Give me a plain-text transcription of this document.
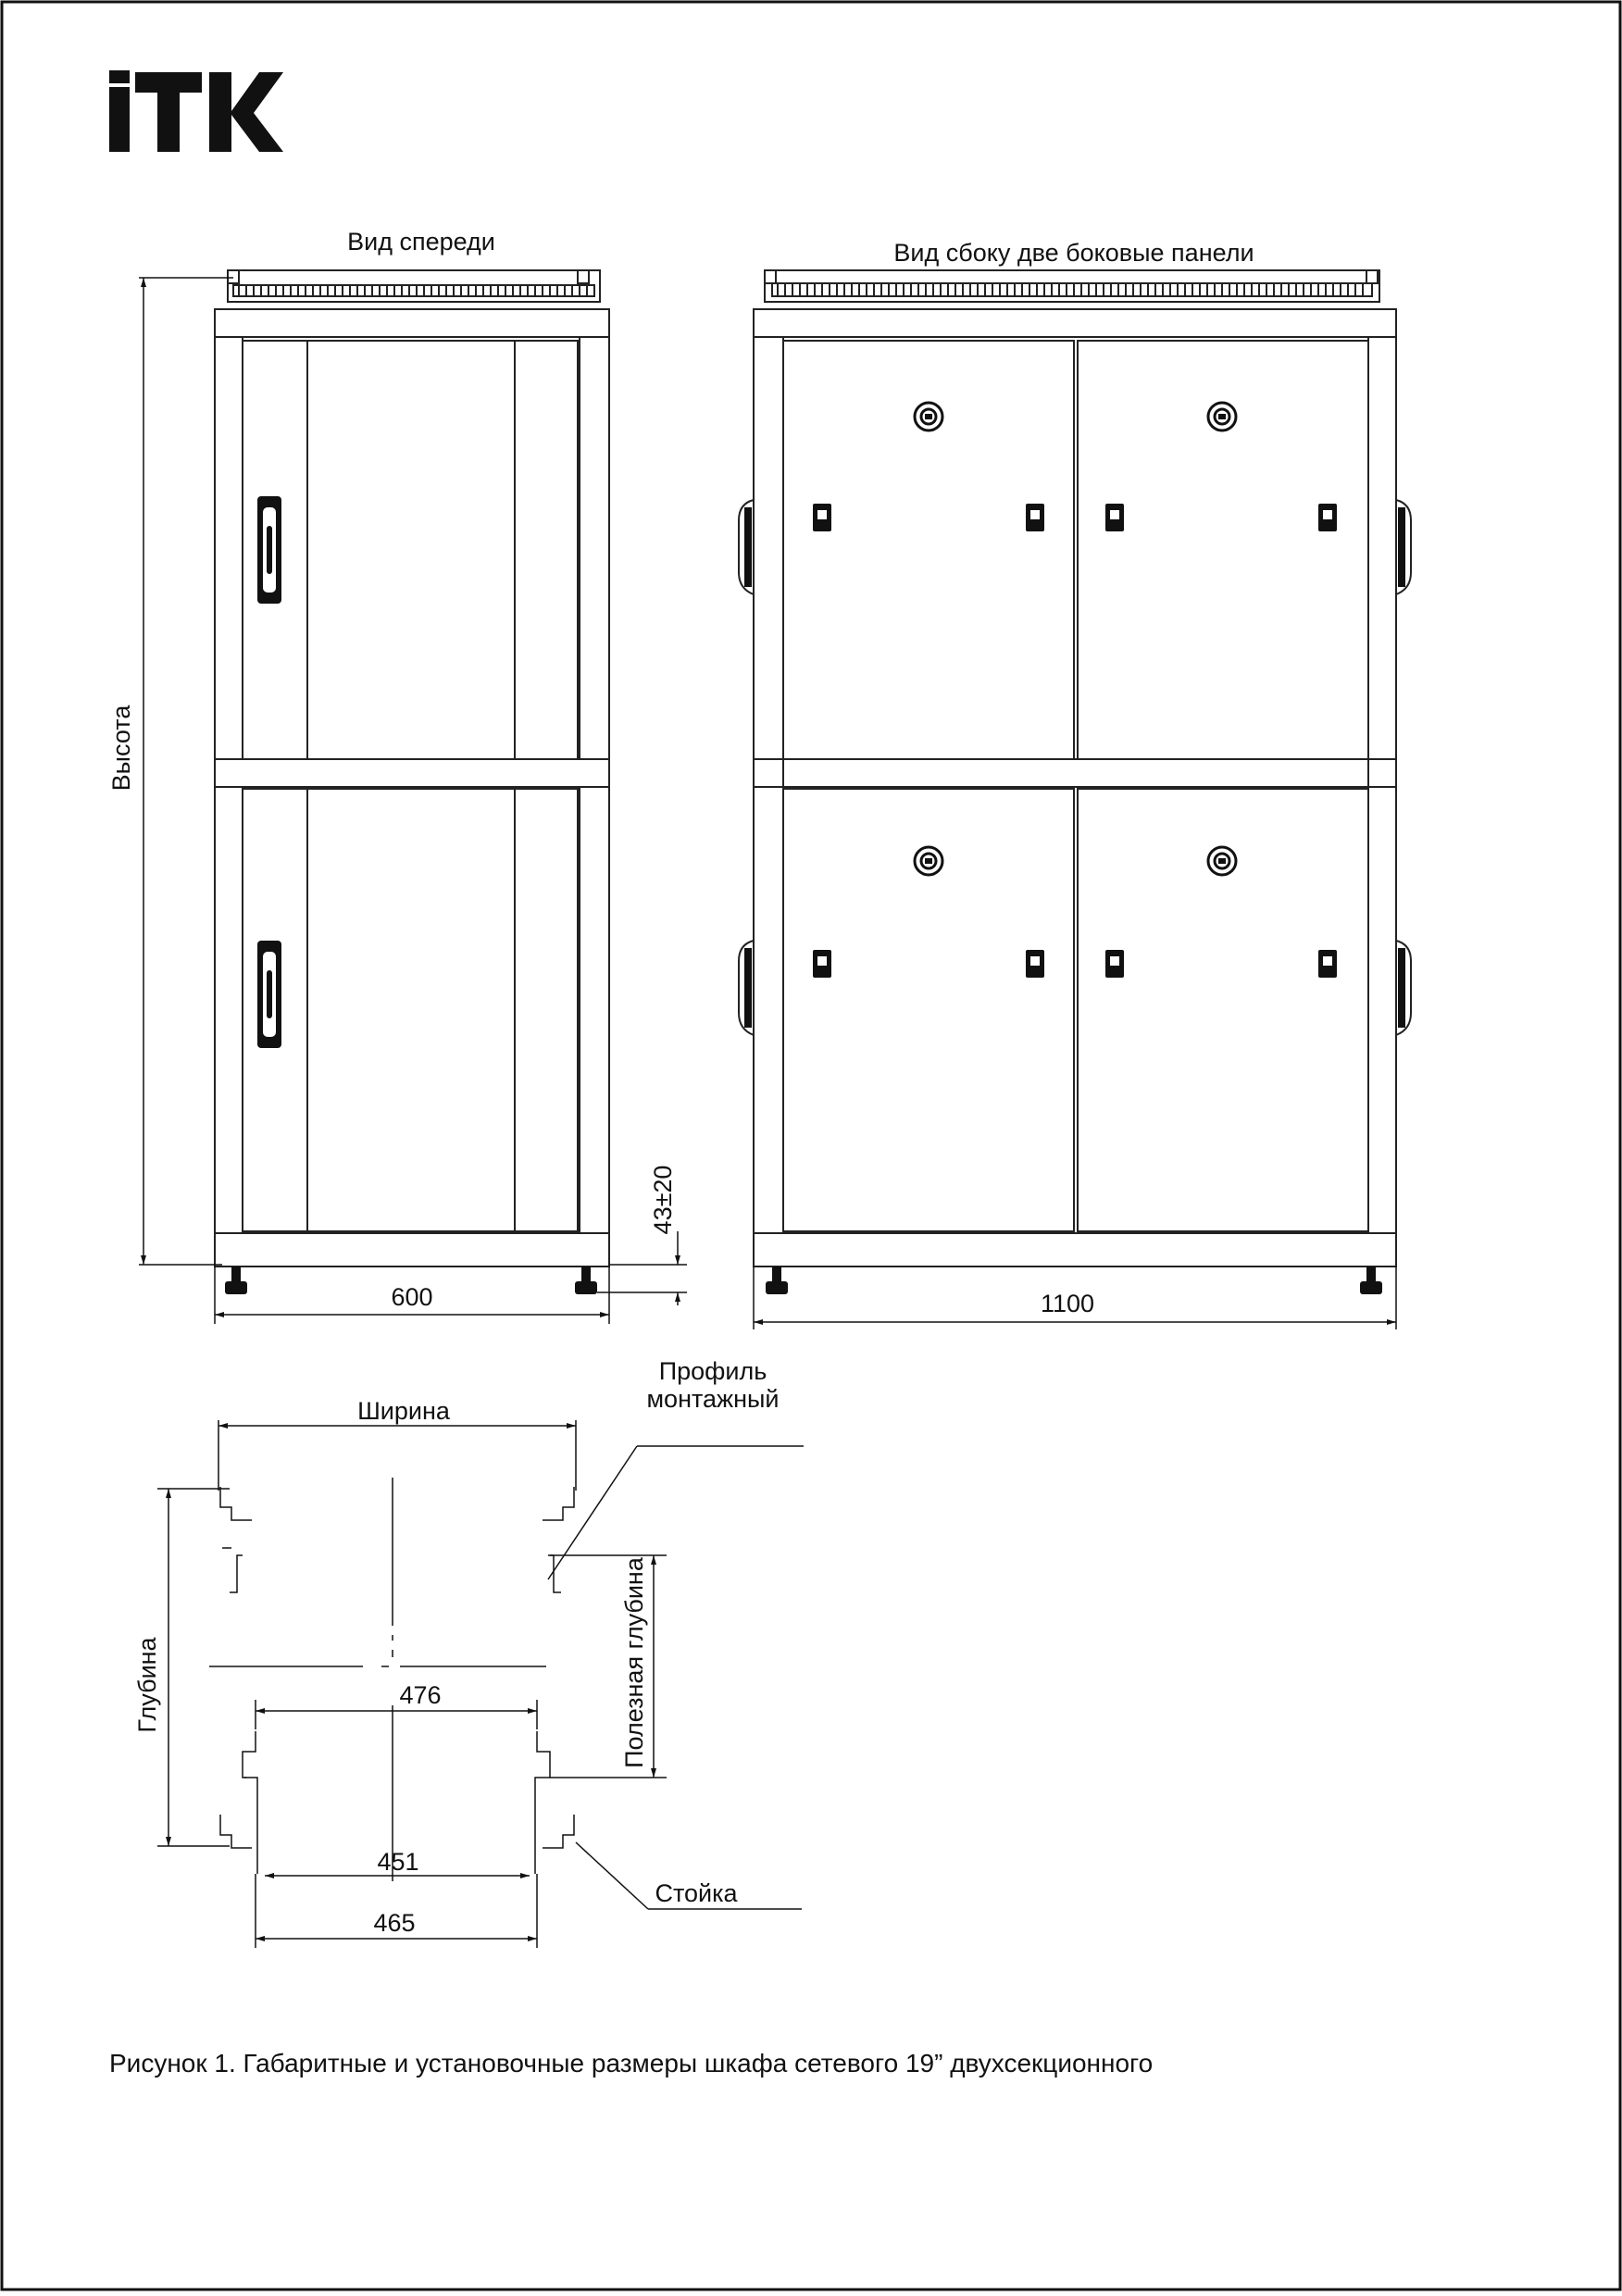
Вид спереди
Высота
600
43±20
Вид сбоку две боковые панели
1100
Ширина
Глубина	Полезная глубина
Профиль
монтажный
Стойка
476
451
465
Рисунок 1. Габаритные и установочные размеры шкафа сетевого 19” двухсекционного
